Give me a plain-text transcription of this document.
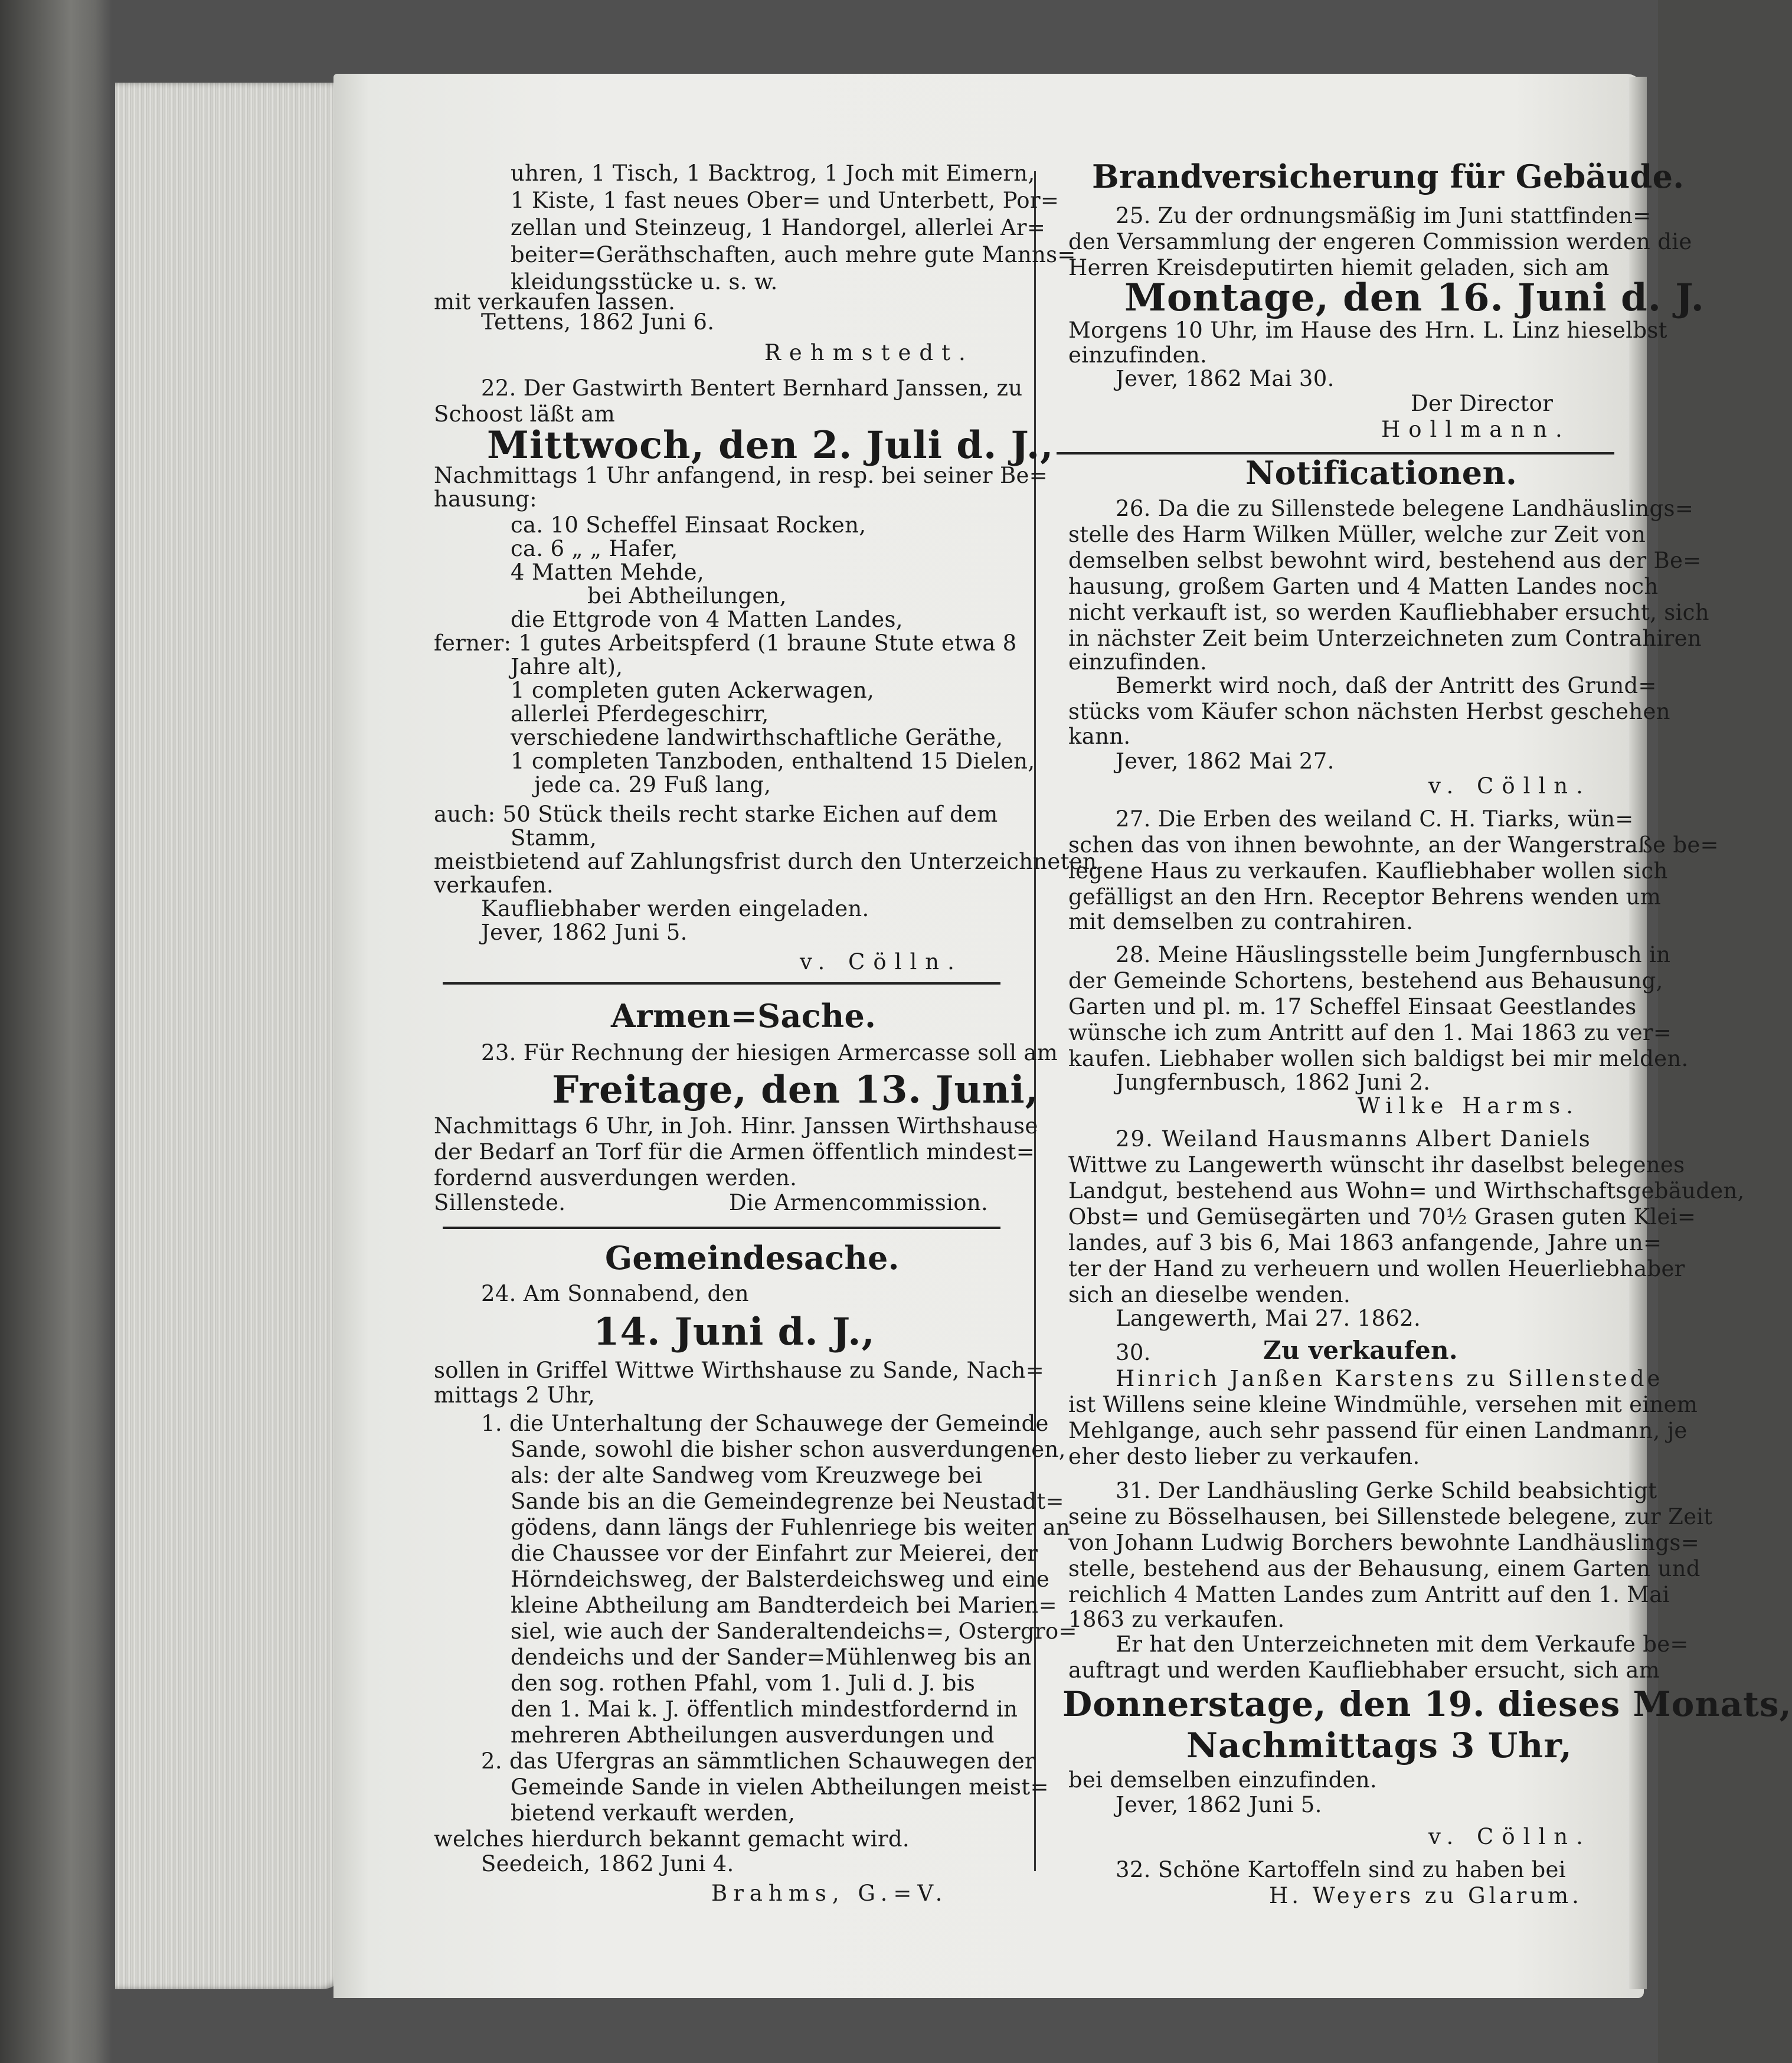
uhren, 1 Tisch, 1 Backtrog, 1 Joch mit Eimern,
1 Kiste, 1 fast neues Ober= und Unterbett, Por=
zellan und Steinzeug, 1 Handorgel, allerlei Ar=
beiter=Geräthschaften, auch mehre gute Manns=
kleidungsstücke u. s. w.
mit verkaufen lassen.
Tettens, 1862 Juni 6.
Rehmstedt.
22. Der Gastwirth Bentert Bernhard Janssen, zu
Schoost läßt am
Mittwoch, den 2. Juli d. J.,
Nachmittags 1 Uhr anfangend, in resp. bei seiner Be=
hausung:
ca. 10 Scheffel Einsaat Rocken,
ca. 6 „ „ Hafer,
4 Matten Mehde,
bei Abtheilungen,
die Ettgrode von 4 Matten Landes,
ferner: 1 gutes Arbeitspferd (1 braune Stute etwa 8
Jahre alt),
1 completen guten Ackerwagen,
allerlei Pferdegeschirr,
verschiedene landwirthschaftliche Geräthe,
1 completen Tanzboden, enthaltend 15 Dielen,
jede ca. 29 Fuß lang,
auch: 50 Stück theils recht starke Eichen auf dem
Stamm,
meistbietend auf Zahlungsfrist durch den Unterzeichneten
verkaufen.
Kaufliebhaber werden eingeladen.
Jever, 1862 Juni 5.
v. Cölln.
Armen=Sache.
23. Für Rechnung der hiesigen Armercasse soll am
Freitage, den 13. Juni,
Nachmittags 6 Uhr, in Joh. Hinr. Janssen Wirthshause
der Bedarf an Torf für die Armen öffentlich mindest=
fordernd ausverdungen werden.
Sillenstede.	Die Armencommission.
Gemeindesache.
24. Am Sonnabend, den
14. Juni d. J.,
sollen in Griffel Wittwe Wirthshause zu Sande, Nach=
mittags 2 Uhr,
1. die Unterhaltung der Schauwege der Gemeinde
Sande, sowohl die bisher schon ausverdungenen,
als: der alte Sandweg vom Kreuzwege bei
Sande bis an die Gemeindegrenze bei Neustadt=
gödens, dann längs der Fuhlenriege bis weiter an
die Chaussee vor der Einfahrt zur Meierei, der
Hörndeichsweg, der Balsterdeichsweg und eine
kleine Abtheilung am Bandterdeich bei Marien=
siel, wie auch der Sanderaltendeichs=, Ostergro=
dendeichs und der Sander=Mühlenweg bis an
den sog. rothen Pfahl, vom 1. Juli d. J. bis
den 1. Mai k. J. öffentlich mindestfordernd in
mehreren Abtheilungen ausverdungen und
2. das Ufergras an sämmtlichen Schauwegen der
Gemeinde Sande in vielen Abtheilungen meist=
bietend verkauft werden,
welches hierdurch bekannt gemacht wird.
Seedeich, 1862 Juni 4.
Brahms, G.=V.
Brandversicherung für Gebäude.
25. Zu der ordnungsmäßig im Juni stattfinden=
den Versammlung der engeren Commission werden die
Herren Kreisdeputirten hiemit geladen, sich am
Montage, den 16. Juni d. J.
Morgens 10 Uhr, im Hause des Hrn. L. Linz hieselbst
einzufinden.
Jever, 1862 Mai 30.
Der Director
Hollmann.
Notificationen.
26. Da die zu Sillenstede belegene Landhäuslings=
stelle des Harm Wilken Müller, welche zur Zeit von
demselben selbst bewohnt wird, bestehend aus der Be=
hausung, großem Garten und 4 Matten Landes noch
nicht verkauft ist, so werden Kaufliebhaber ersucht, sich
in nächster Zeit beim Unterzeichneten zum Contrahiren
einzufinden.
Bemerkt wird noch, daß der Antritt des Grund=
stücks vom Käufer schon nächsten Herbst geschehen
kann.
Jever, 1862 Mai 27.
v. Cölln.
27. Die Erben des weiland C. H. Tiarks, wün=
schen das von ihnen bewohnte, an der Wangerstraße be=
legene Haus zu verkaufen. Kaufliebhaber wollen sich
gefälligst an den Hrn. Receptor Behrens wenden um
mit demselben zu contrahiren.
28. Meine Häuslingsstelle beim Jungfernbusch in
der Gemeinde Schortens, bestehend aus Behausung,
Garten und pl. m. 17 Scheffel Einsaat Geestlandes
wünsche ich zum Antritt auf den 1. Mai 1863 zu ver=
kaufen. Liebhaber wollen sich baldigst bei mir melden.
Jungfernbusch, 1862 Juni 2.
Wilke Harms.
29. Weiland Hausmanns Albert Daniels
Wittwe zu Langewerth wünscht ihr daselbst belegenes
Landgut, bestehend aus Wohn= und Wirthschaftsgebäuden,
Obst= und Gemüsegärten und 70½ Grasen guten Klei=
landes, auf 3 bis 6, Mai 1863 anfangende, Jahre un=
ter der Hand zu verheuern und wollen Heuerliebhaber
sich an dieselbe wenden.
Langewerth, Mai 27. 1862.
30.	Zu verkaufen.
Hinrich Janßen Karstens zu Sillenstede
ist Willens seine kleine Windmühle, versehen mit einem
Mehlgange, auch sehr passend für einen Landmann, je
eher desto lieber zu verkaufen.
31. Der Landhäusling Gerke Schild beabsichtigt
seine zu Bösselhausen, bei Sillenstede belegene, zur Zeit
von Johann Ludwig Borchers bewohnte Landhäuslings=
stelle, bestehend aus der Behausung, einem Garten und
reichlich 4 Matten Landes zum Antritt auf den 1. Mai
1863 zu verkaufen.
Er hat den Unterzeichneten mit dem Verkaufe be=
auftragt und werden Kaufliebhaber ersucht, sich am
Donnerstage, den 19. dieses Monats,
Nachmittags 3 Uhr,
bei demselben einzufinden.
Jever, 1862 Juni 5.
v. Cölln.
32. Schöne Kartoffeln sind zu haben bei
H. Weyers zu Glarum.
